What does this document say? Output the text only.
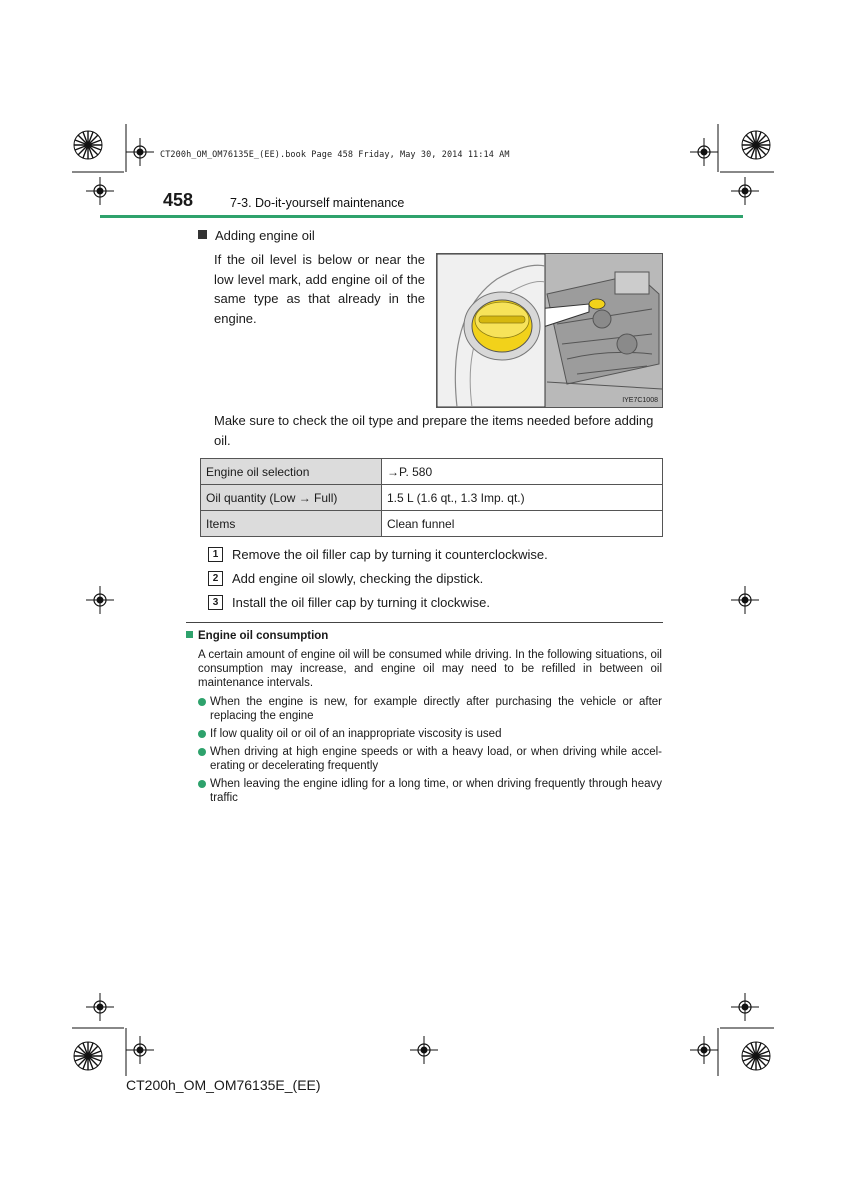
CT200h_OM_OM76135E_(EE).book Page 458 Friday, May 30, 2014 11:14 AM
458	7-3. Do-it-yourself maintenance
Adding engine oil
If the oil level is below or near the low level mark, add engine oil of the same type as that already in the engine.
IYE7C1008
Make sure to check the oil type and prepare the items needed before adding oil.
Engine oil selection	→P. 580
Oil quantity (Low → Full)	1.5 L (1.6 qt., 1.3 Imp. qt.)
Items	Clean funnel
1	Remove the oil filler cap by turning it counterclockwise.
2	Add engine oil slowly, checking the dipstick.
3	Install the oil filler cap by turning it clockwise.
Engine oil consumption
A certain amount of engine oil will be consumed while driving. In the following situations, oil consumption may increase, and engine oil may need to be refilled in between oil maintenance intervals.
When the engine is new, for example directly after purchasing the vehicle or after replacing the engine
If low quality oil or oil of an inappropriate viscosity is used
When driving at high engine speeds or with a heavy load, or when driving while accel-erating or decelerating frequently
When leaving the engine idling for a long time, or when driving frequently through heavy traffic
CT200h_OM_OM76135E_(EE)
